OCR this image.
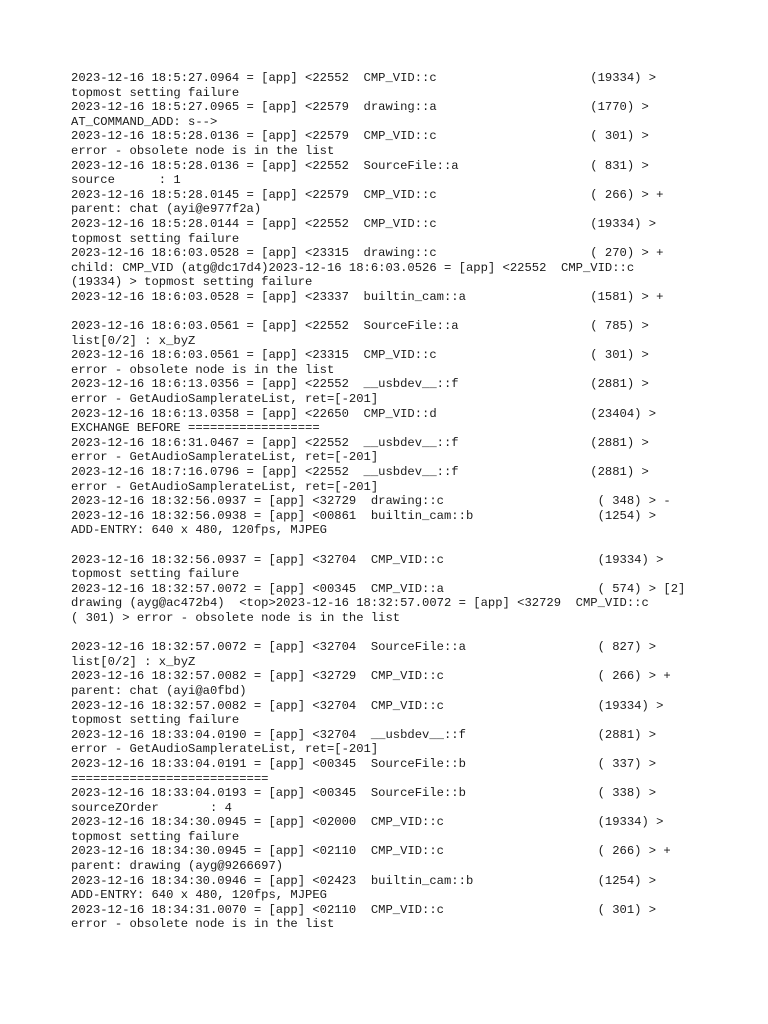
2023-12-16 18:5:27.0964 = [app] <22552  CMP_VID::c                     (19334) >
topmost setting failure
2023-12-16 18:5:27.0965 = [app] <22579  drawing::a                     (1770) >
AT_COMMAND_ADD: s-->
2023-12-16 18:5:28.0136 = [app] <22579  CMP_VID::c                     ( 301) >
error - obsolete node is in the list
2023-12-16 18:5:28.0136 = [app] <22552  SourceFile::a                  ( 831) >
source      : 1
2023-12-16 18:5:28.0145 = [app] <22579  CMP_VID::c                     ( 266) > +
parent: chat (ayi@e977f2a)
2023-12-16 18:5:28.0144 = [app] <22552  CMP_VID::c                     (19334) >
topmost setting failure
2023-12-16 18:6:03.0528 = [app] <23315  drawing::c                     ( 270) > +
child: CMP_VID (atg@dc17d4)2023-12-16 18:6:03.0526 = [app] <22552  CMP_VID::c
(19334) > topmost setting failure
2023-12-16 18:6:03.0528 = [app] <23337  builtin_cam::a                 (1581) > +
2023-12-16 18:6:03.0561 = [app] <22552  SourceFile::a                  ( 785) >
list[0/2] : x_byZ
2023-12-16 18:6:03.0561 = [app] <23315  CMP_VID::c                     ( 301) >
error - obsolete node is in the list
2023-12-16 18:6:13.0356 = [app] <22552  __usbdev__::f                  (2881) >
error - GetAudioSamplerateList, ret=[-201]
2023-12-16 18:6:13.0358 = [app] <22650  CMP_VID::d                     (23404) >
EXCHANGE BEFORE ==================
2023-12-16 18:6:31.0467 = [app] <22552  __usbdev__::f                  (2881) >
error - GetAudioSamplerateList, ret=[-201]
2023-12-16 18:7:16.0796 = [app] <22552  __usbdev__::f                  (2881) >
error - GetAudioSamplerateList, ret=[-201]
2023-12-16 18:32:56.0937 = [app] <32729  drawing::c                     ( 348) > -
2023-12-16 18:32:56.0938 = [app] <00861  builtin_cam::b                 (1254) >
ADD-ENTRY: 640 x 480, 120fps, MJPEG
2023-12-16 18:32:56.0937 = [app] <32704  CMP_VID::c                     (19334) >
topmost setting failure
2023-12-16 18:32:57.0072 = [app] <00345  CMP_VID::a                     ( 574) > [2]
drawing (ayg@ac472b4)  <top>2023-12-16 18:32:57.0072 = [app] <32729  CMP_VID::c
( 301) > error - obsolete node is in the list
2023-12-16 18:32:57.0072 = [app] <32704  SourceFile::a                  ( 827) >
list[0/2] : x_byZ
2023-12-16 18:32:57.0082 = [app] <32729  CMP_VID::c                     ( 266) > +
parent: chat (ayi@a0fbd)
2023-12-16 18:32:57.0082 = [app] <32704  CMP_VID::c                     (19334) >
topmost setting failure
2023-12-16 18:33:04.0190 = [app] <32704  __usbdev__::f                  (2881) >
error - GetAudioSamplerateList, ret=[-201]
2023-12-16 18:33:04.0191 = [app] <00345  SourceFile::b                  ( 337) >
===========================
2023-12-16 18:33:04.0193 = [app] <00345  SourceFile::b                  ( 338) >
sourceZOrder       : 4
2023-12-16 18:34:30.0945 = [app] <02000  CMP_VID::c                     (19334) >
topmost setting failure
2023-12-16 18:34:30.0945 = [app] <02110  CMP_VID::c                     ( 266) > +
parent: drawing (ayg@9266697)
2023-12-16 18:34:30.0946 = [app] <02423  builtin_cam::b                 (1254) >
ADD-ENTRY: 640 x 480, 120fps, MJPEG
2023-12-16 18:34:31.0070 = [app] <02110  CMP_VID::c                     ( 301) >
error - obsolete node is in the list
